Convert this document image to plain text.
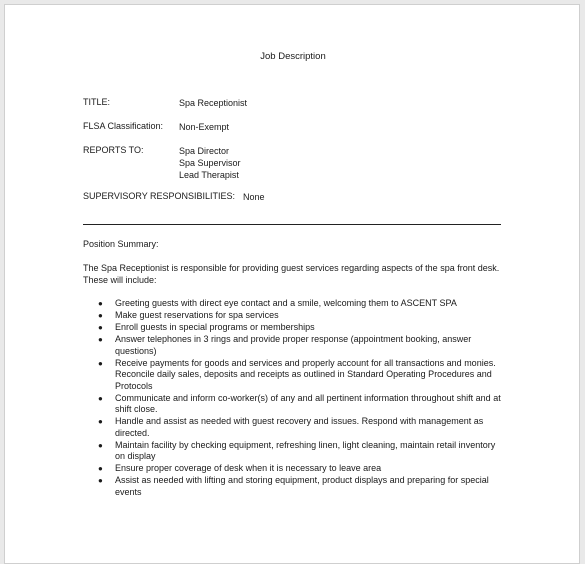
Job Description
TITLE:	Spa Receptionist
FLSA Classification: Non-Exempt
REPORTS TO:	Spa Director
Spa Supervisor
Lead Therapist
SUPERVISORY RESPONSIBILITIES: None
Position Summary:
The Spa Receptionist is responsible for providing guest services regarding aspects of the spa front desk.
These will include:
● Greeting guests with direct eye contact and a smile, welcoming them to ASCENT SPA
● Make guest reservations for spa services
● Enroll guests in special programs or memberships
● Answer telephones in 3 rings and provide proper response (appointment booking, answer questions)
● Receive payments for goods and services and properly account for all transactions and monies. Reconcile daily sales, deposits and receipts as outlined in Standard Operating Procedures and Protocols
● Communicate and inform co-worker(s) of any and all pertinent information throughout shift and at shift close.
● Handle and assist as needed with guest recovery and issues. Respond with management as directed.
● Maintain facility by checking equipment, refreshing linen, light cleaning, maintain retail inventory on display
● Ensure proper coverage of desk when it is necessary to leave area
● Assist as needed with lifting and storing equipment, product displays and preparing for special events
